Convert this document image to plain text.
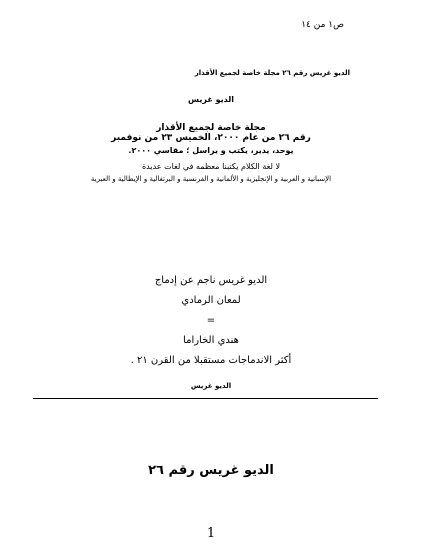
ص١ من ١٤
الديو غريس رقم ٢٦ مجلة خاصة لجميع الأقذار
الديو غريس
مجلة خاصة لجميع الأقذار
رقم ٢٦ من عام ٢٠٠٠، الخميس ٢٣ من نوفمبر
يوحد، يدير، يكتب و يراسل ؛ مقاسي ٢٠٠٠.
لا لغة الكلام يكتبنا معظمه في لغات عديدة
الإسبانية و العربية و الإنجليزية و الألمانية و الفرنسية و البرتغالية و الإيطالية و العبرية
الديو غريس ناجم عن إدماج
لمعان الرمادي
=
هندي الخاراما
أكثر الاندماجات مستقبلا من القرن ٢١ .
الديو غريس
الديو غريس رقم ٢٦
1
